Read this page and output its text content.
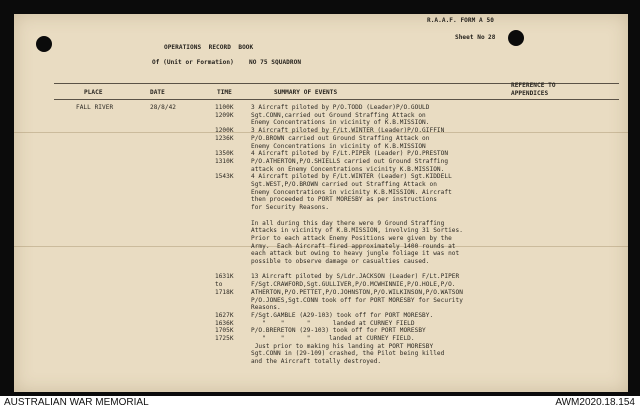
R.A.A.F. FORM A 50
Sheet No 28
OPERATIONS  RECORD  BOOK
Of (Unit or Formation) NO 75 SQUADRON
PLACE	DATE	TIME	SUMMARY OF EVENTS
REFERENCE TO
APPENDICES
FALL RIVER	28/8/42	1100K	3 Aircraft piloted by P/O.TODD (Leader)P/O.GOULD
1209K	Sgt.CONN,carried out Ground Straffing Attack on
Enemy Concentrations in vicinity of K.B.MISSION.
1200K	3 Aircraft piloted by F/Lt.WINTER (Leader)P/O.GIFFIN
1236K	P/O.BROWN carried out Ground Straffing Attack on
Enemy Concentrations in vicinity of K.B.MISSION
1350K	4 Aircraft piloted by F/Lt.PIPER (Leader) P/O.PRESTON
1310K	P/O.ATHERTON,P/O.SHIELLS carried out Ground Straffing
attack on Enemy Concentrations vicinity K.B.MISSION.
1543K	4 Aircraft piloted by F/Lt.WINTER (Leader) Sgt.KIDDELL
Sgt.WEST,P/O.BROWN carried out Straffing Attack on
Enemy Concentrations in vicinity K.B.MISSION. Aircraft
then proceeded to PORT MORESBY as per instructions
for Security Reasons.
In all during this day there were 9 Ground Straffing
Attacks in vicinity of K.B.MISSION, involving 31 Sorties.
Prior to each attack Enemy Positions were given by the
Army.  Each Aircraft fired approximately 1400 rounds at
each attack but owing to heavy jungle foliage it was not
possible to observe damage or casualties caused.
1631K	13 Aircraft piloted by S/Ldr.JACKSON (Leader) F/Lt.PIPER
to	F/Sgt.CRAWFORD,Sgt.GULLIVER,P/O.MCWHINNIE,P/O.HOLE,P/O.
1718K	ATHERTON,P/O.PETTET,P/O.JOHNSTON,P/O.WILKINSON,P/O.WATSON
P/O.JONES,Sgt.CONN took off for PORT MORESBY for Security
Reasons.
1627K	F/Sgt.GAMBLE (A29-103) took off for PORT MORESBY.
1636K	"    "      "      landed at CURNEY FIELD
1705K	P/O.BRERETON (29-103) took off for PORT MORESBY
1725K	"    "      "     landed at CURNEY FIELD.
Just prior to making his landing at PORT MORESBY
Sgt.CONN in (29-109) crashed, the Pilot being killed
and the Aircraft totally destroyed.
AUSTRALIAN WAR MEMORIAL	AWM2020.18.154
